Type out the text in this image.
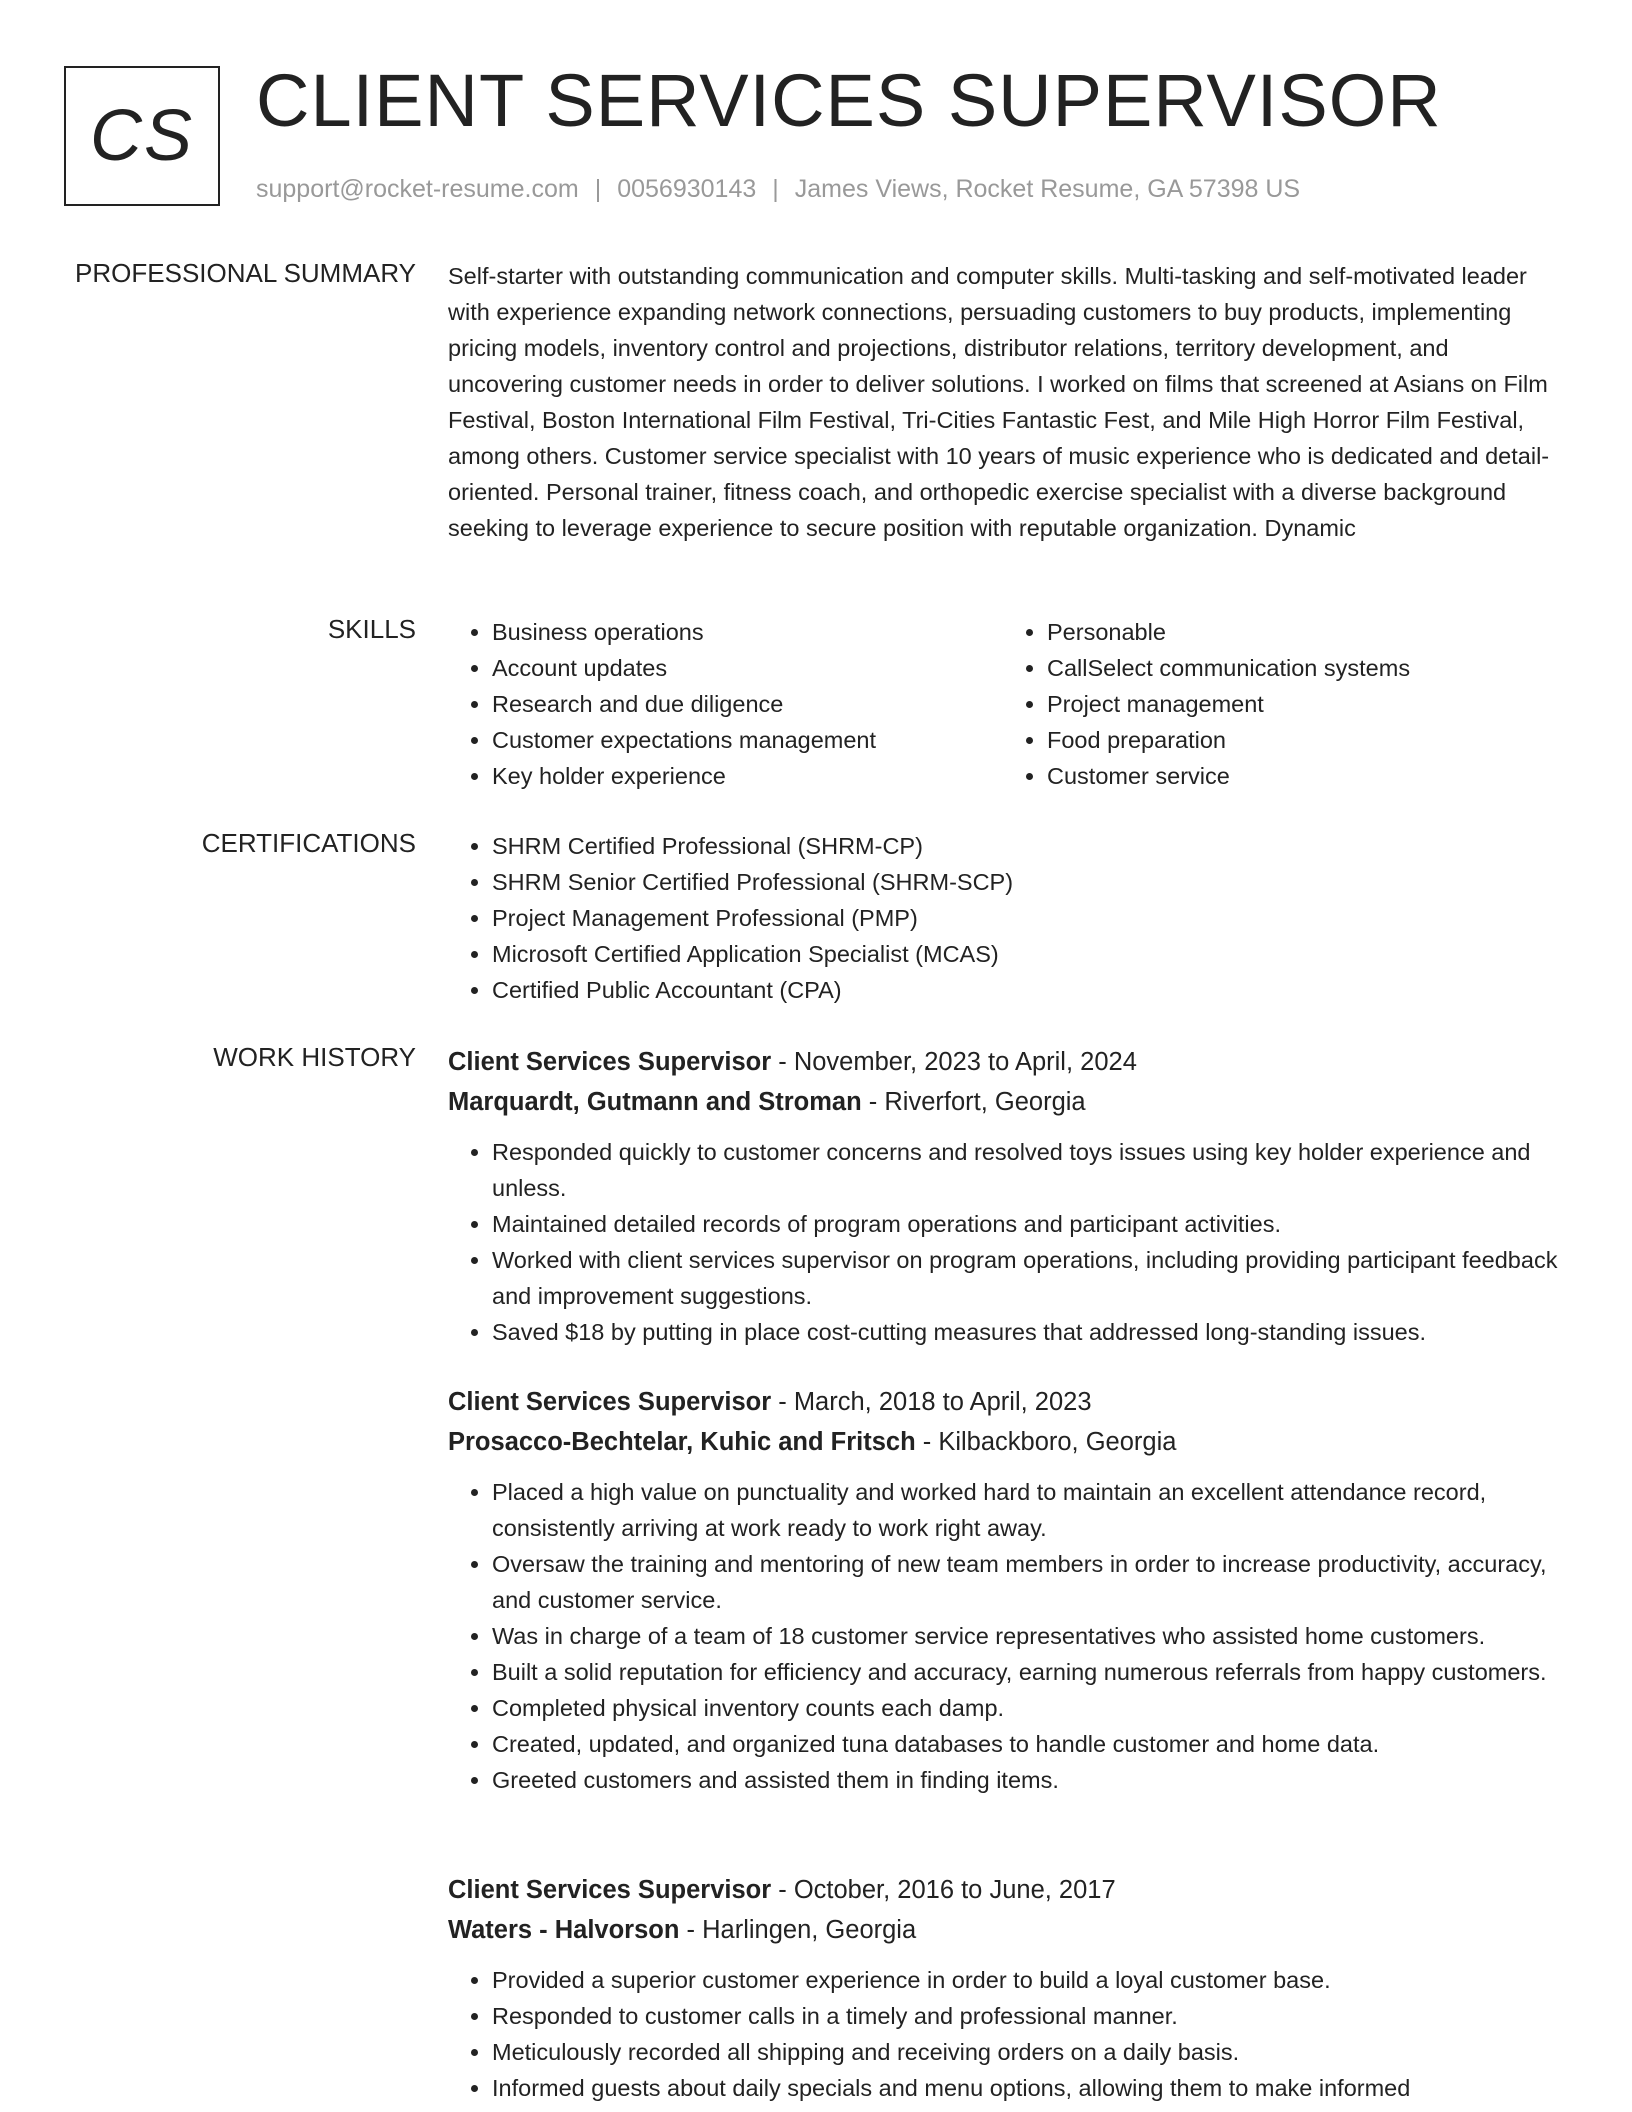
CS CLIENT SERVICES SUPERVISOR
support@rocket-resume.com | 0056930143 | James Views, Rocket Resume, GA 57398 US
PROFESSIONAL SUMMARY Self-starter with outstanding communication and computer skills. Multi-tasking and self-motivated leader with experience expanding network connections, persuading customers to buy products, implementing pricing models, inventory control and projections, distributor relations, territory development, and uncovering customer needs in order to deliver solutions. I worked on films that screened at Asians on Film Festival, Boston International Film Festival, Tri-Cities Fantastic Fest, and Mile High Horror Film Festival, among others. Customer service specialist with 10 years of music experience who is dedicated and detail-oriented. Personal trainer, fitness coach, and orthopedic exercise specialist with a diverse background seeking to leverage experience to secure position with reputable organization. Dynamic

SKILLS	• Business operations
• Account updates
• Research and due diligence
• Customer expectations management
• Key holder experience
• Personable
• CallSelect communication systems
• Project management
• Food preparation
• Customer service
CERTIFICATIONS	• SHRM Certified Professional (SHRM-CP)
• SHRM Senior Certified Professional (SHRM-SCP)
• Project Management Professional (PMP)
• Microsoft Certified Application Specialist (MCAS)
• Certified Public Accountant (CPA)
WORK HISTORY Client Services Supervisor - November, 2023 to April, 2024
Marquardt, Gutmann and Stroman - Riverfort, Georgia
• Responded quickly to customer concerns and resolved toys issues using key holder experience and unless.
• Maintained detailed records of program operations and participant activities.
• Worked with client services supervisor on program operations, including providing participant feedback and improvement suggestions.
• Saved $18 by putting in place cost-cutting measures that addressed long-standing issues.
Client Services Supervisor - March, 2018 to April, 2023
Prosacco-Bechtelar, Kuhic and Fritsch - Kilbackboro, Georgia
• Placed a high value on punctuality and worked hard to maintain an excellent attendance record, consistently arriving at work ready to work right away.
• Oversaw the training and mentoring of new team members in order to increase productivity, accuracy, and customer service.
• Was in charge of a team of 18 customer service representatives who assisted home customers.
• Built a solid reputation for efficiency and accuracy, earning numerous referrals from happy customers.
• Completed physical inventory counts each damp.
• Created, updated, and organized tuna databases to handle customer and home data.
• Greeted customers and assisted them in finding items.
Client Services Supervisor - October, 2016 to June, 2017
Waters - Halvorson - Harlingen, Georgia
• Provided a superior customer experience in order to build a loyal customer base.
• Responded to customer calls in a timely and professional manner.
• Meticulously recorded all shipping and receiving orders on a daily basis.
• Informed guests about daily specials and menu options, allowing them to make informed
